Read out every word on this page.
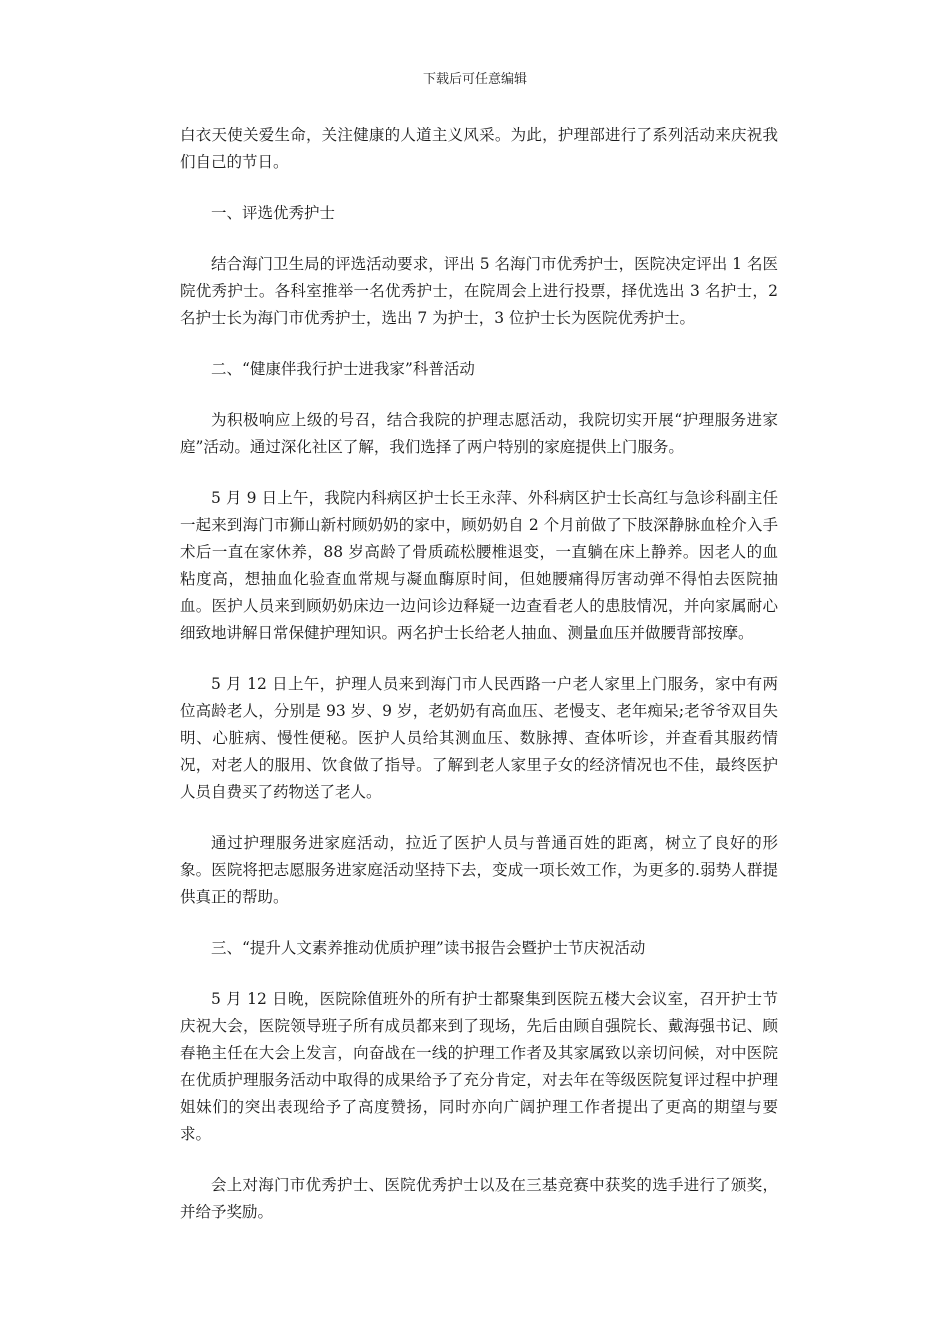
下载后可任意编辑

白衣天使关爱生命，关注健康的人道主义风采。为此，护理部进行了系列活动来庆祝我们自己的节日。

一、评选优秀护士

结合海门卫生局的评选活动要求，评出 5 名海门市优秀护士，医院决定评出 1 名医院优秀护士。各科室推举一名优秀护士，在院周会上进行投票，择优选出 3 名护士，2 名护士长为海门市优秀护士，选出 7 为护士，3 位护士长为医院优秀护士。

二、“健康伴我行护士进我家”科普活动

为积极响应上级的号召，结合我院的护理志愿活动，我院切实开展“护理服务进家庭”活动。通过深化社区了解，我们选择了两户特别的家庭提供上门服务。

5 月 9 日上午，我院内科病区护士长王永萍、外科病区护士长高红与急诊科副主任一起来到海门市狮山新村顾奶奶的家中，顾奶奶自 2 个月前做了下肢深静脉血栓介入手术后一直在家休养，88 岁高龄了骨质疏松腰椎退变，一直躺在床上静养。因老人的血粘度高，想抽血化验查血常规与凝血酶原时间，但她腰痛得厉害动弹不得怕去医院抽血。医护人员来到顾奶奶床边一边问诊边释疑一边查看老人的患肢情况，并向家属耐心细致地讲解日常保健护理知识。两名护士长给老人抽血、测量血压并做腰背部按摩。

5 月 12 日上午，护理人员来到海门市人民西路一户老人家里上门服务，家中有两位高龄老人，分别是 93 岁、9 岁，老奶奶有高血压、老慢支、老年痴呆;老爷爷双目失明、心脏病、慢性便秘。医护人员给其测血压、数脉搏、查体听诊，并查看其服药情况，对老人的服用、饮食做了指导。了解到老人家里子女的经济情况也不佳，最终医护人员自费买了药物送了老人。

通过护理服务进家庭活动，拉近了医护人员与普通百姓的距离，树立了良好的形象。医院将把志愿服务进家庭活动坚持下去，变成一项长效工作，为更多的.弱势人群提供真正的帮助。

三、“提升人文素养推动优质护理”读书报告会暨护士节庆祝活动

5 月 12 日晚，医院除值班外的所有护士都聚集到医院五楼大会议室，召开护士节庆祝大会，医院领导班子所有成员都来到了现场，先后由顾自强院长、戴海强书记、顾春艳主任在大会上发言，向奋战在一线的护理工作者及其家属致以亲切问候，对中医院在优质护理服务活动中取得的成果给予了充分肯定，对去年在等级医院复评过程中护理姐妹们的突出表现给予了高度赞扬，同时亦向广阔护理工作者提出了更高的期望与要求。

会上对海门市优秀护士、医院优秀护士以及在三基竞赛中获奖的选手进行了颁奖，并给予奖励。
